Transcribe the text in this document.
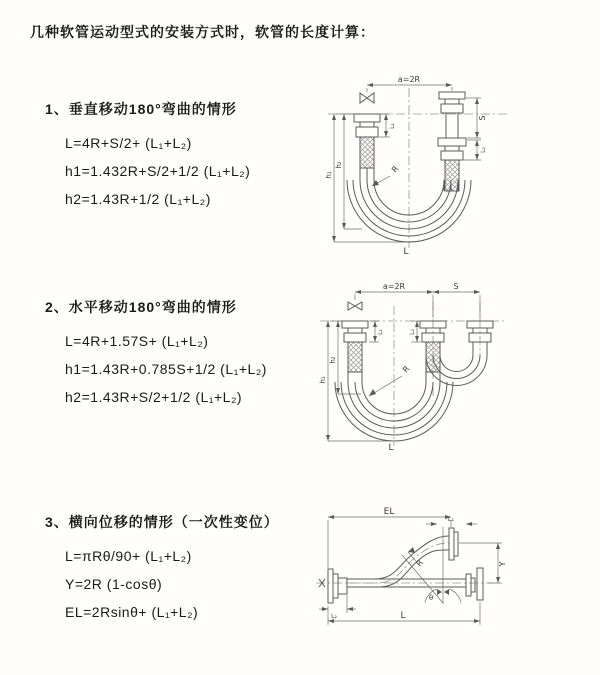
几种软管运动型式的安装方式时，软管的长度计算：
1、 垂直移动180°弯曲的情形
L=4R+S/2+ (L₁+L₂)
h1=1.432R+S/2+1/2 (L₁+L₂)
h2=1.43R+1/2 (L₁+L₂)
2、 水平移动180°弯曲的情形
L=4R+1.57S+ (L₁+L₂)
h1=1.43R+0.785S+1/2 (L₁+L₂)
h2=1.43R+S/2+1/2 (L₁+L₂)
3、 横向位移的情形（一次性变位）
L=πRθ/90+ (L₁+L₂)
Y=2R (1-cosθ)
EL=2Rsinθ+ (L₁+L₂)
a=2R
S
L₂
L₁
h₁
h₂	R
L
a=2R	S
h₁
h₂
L₁	L₂
R
L
EL
L₁
Y
R
θ
L₂	L
